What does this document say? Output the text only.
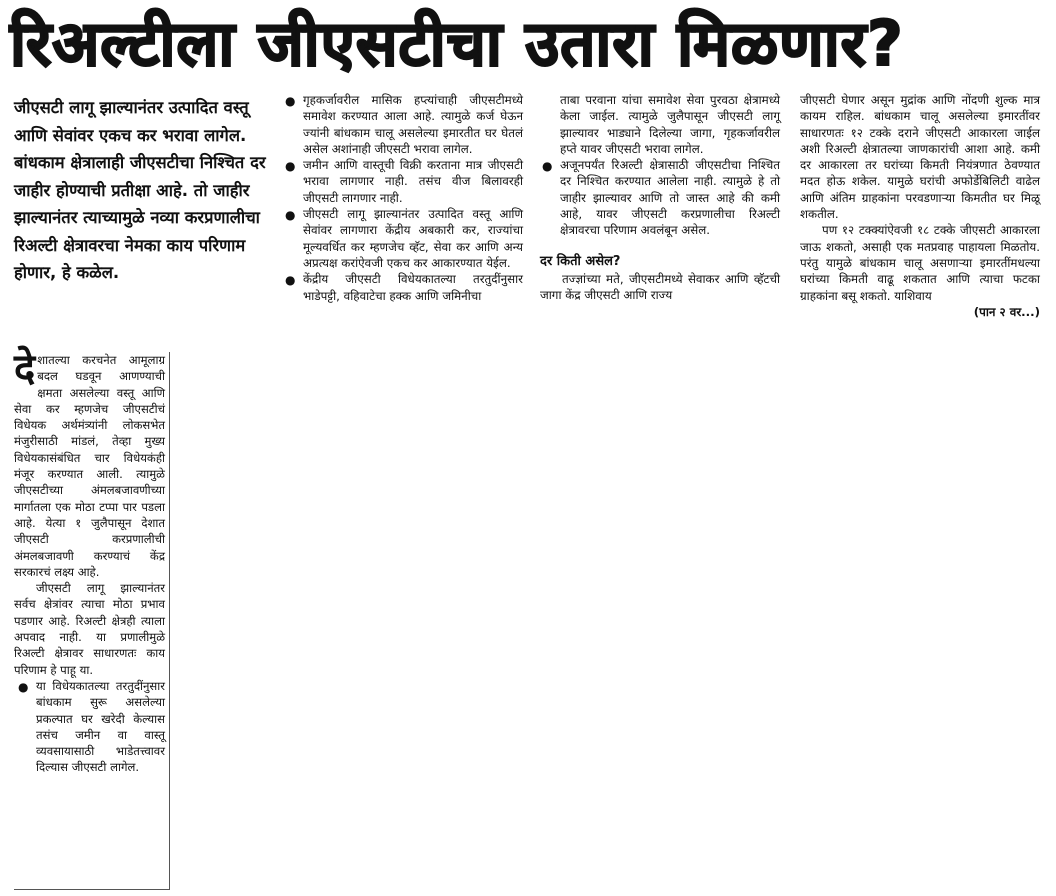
रिअल्टीला जीएसटीचा उतारा मिळणार?

जीएसटी लागू झाल्यानंतर उत्पादित वस्तू आणि सेवांवर एकच कर भरावा लागेल. बांधकाम क्षेत्रालाही जीएसटीचा निश्चित दर जाहीर होण्याची प्रतीक्षा आहे. तो जाहीर झाल्यानंतर त्याच्यामुळे नव्या करप्रणालीचा रिअल्टी क्षेत्रावरचा नेमका काय परिणाम होणार, हे कळेल.

देशातल्या करचनेत आमूलाग्र बदल घडवून आणण्याची क्षमता असलेल्या वस्तू आणि सेवा कर म्हणजेच जीएसटीचं विधेयक अर्थमंत्र्यांनी लोकसभेत मंजुरीसाठी मांडलं, तेव्हा मुख्य विधेयकासंबंधित चार विधेयकंही मंजूर करण्यात आली. त्यामुळे जीएसटीच्या अंमलबजावणीच्या मार्गातला एक मोठा टप्पा पार पडला आहे. येत्या १ जुलैपासून देशात जीएसटी करप्रणालीची अंमलबजावणी करण्याचं केंद्र सरकारचं लक्ष्य आहे.

जीएसटी लागू झाल्यानंतर सर्वच क्षेत्रांवर त्याचा मोठा प्रभाव पडणार आहे. रिअल्टी क्षेत्रही त्याला अपवाद नाही. या प्रणालीमुळे रिअल्टी क्षेत्रावर साधारणतः काय परिणाम हे पाहू या.

● या विधेयकातल्या तरतुदींनुसार बांधकाम सुरू असलेल्या प्रकल्पात घर खरेदी केल्यास तसंच जमीन वा वास्तू व्यवसायासाठी भाडेतत्त्वावर दिल्यास जीएसटी लागेल.

● गृहकर्जावरील मासिक हप्त्यांचाही जीएसटीमध्ये समावेश करण्यात आला आहे. त्यामुळे कर्ज घेऊन ज्यांनी बांधकाम चालू असलेल्या इमारतीत घर घेतलं असेल अशांनाही जीएसटी भरावा लागेल.

● जमीन आणि वास्तूची विक्री करताना मात्र जीएसटी भरावा लागणार नाही. तसंच वीज बिलावरही जीएसटी लागणार नाही.

● जीएसटी लागू झाल्यानंतर उत्पादित वस्तू आणि सेवांवर लागणारा केंद्रीय अबकारी कर, राज्यांचा मूल्यवर्धित कर म्हणजेच व्हॅट, सेवा कर आणि अन्य अप्रत्यक्ष करांऐवजी एकच कर आकारण्यात येईल.

● केंद्रीय जीएसटी विधेयकातल्या तरतुदींनुसार भाडेपट्टी, वहिवाटेचा हक्क आणि जमिनीचा

ताबा परवाना यांचा समावेश सेवा पुरवठा क्षेत्रामध्ये केला जाईल. त्यामुळे जुलैपासून जीएसटी लागू झाल्यावर भाड्याने दिलेल्या जागा, गृहकर्जावरील हप्ते यावर जीएसटी भरावा लागेल.

● अजूनपर्यंत रिअल्टी क्षेत्रासाठी जीएसटीचा निश्चित दर निश्चित करण्यात आलेला नाही. त्यामुळे हे तो जाहीर झाल्यावर आणि तो जास्त आहे की कमी आहे, यावर जीएसटी करप्रणालीचा रिअल्टी क्षेत्रावरचा परिणाम अवलंबून असेल.

दर किती असेल?

तज्ज्ञांच्या मते, जीएसटीमध्ये सेवाकर आणि व्हॅटची जागा केंद्र जीएसटी आणि राज्य

जीएसटी घेणार असून मुद्रांक आणि नोंदणी शुल्क मात्र कायम राहिल. बांधकाम चालू असलेल्या इमारतींवर साधारणतः १२ टक्के दराने जीएसटी आकारला जाईल अशी रिअल्टी क्षेत्रातल्या जाणकारांची आशा आहे. कमी दर आकारला तर घरांच्या किमती नियंत्रणात ठेवण्यात मदत होऊ शकेल. यामुळे घरांची अफोर्डेबिलिटी वाढेल आणि अंतिम ग्राहकांना परवडणाऱ्या किमतीत घर मिळू शकतील.

पण १२ टक्क्यांऐवजी १८ टक्के जीएसटी आकारला जाऊ शकतो, असाही एक मतप्रवाह पाहायला मिळतोय. परंतु यामुळे बांधकाम चालू असणाऱ्या इमारतींमधल्या घरांच्या किमती वाढू शकतात आणि त्याचा फटका ग्राहकांना बसू शकतो. याशिवाय

(पान २ वर...)
